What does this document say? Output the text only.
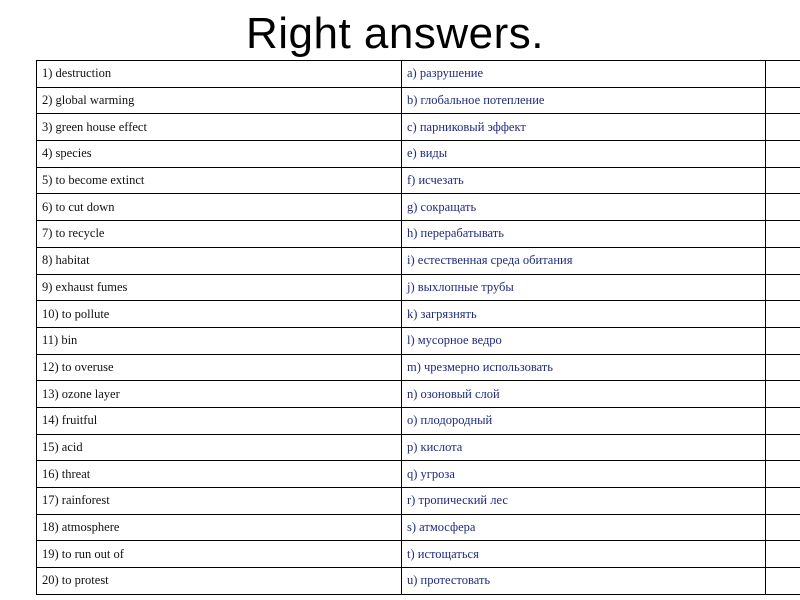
Right answers.
1) destruction	a) разрушение	
2) global warming	b) глобальное потепление	
3) green house effect	c) парниковый эффект	
4) species	e) виды	
5) to become extinct	f) исчезать	
6) to cut down	g) сокращать	
7) to recycle	h) перерабатывать	
8) habitat	i) естественная среда обитания	
9) exhaust fumes	j) выхлопные трубы	
10) to pollute	k) загрязнять	
11) bin	l) мусорное ведро	
12) to overuse	m) чрезмерно использовать	
13) ozone layer	n) озоновый слой	
14) fruitful	o) плодородный	
15) acid	p) кислота	
16) threat	q) угроза	
17) rainforest	r) тропический лес	
18) atmosphere	s) атмосфера	
19) to run out of	t) истощаться	
20) to protest	u) протестовать	
